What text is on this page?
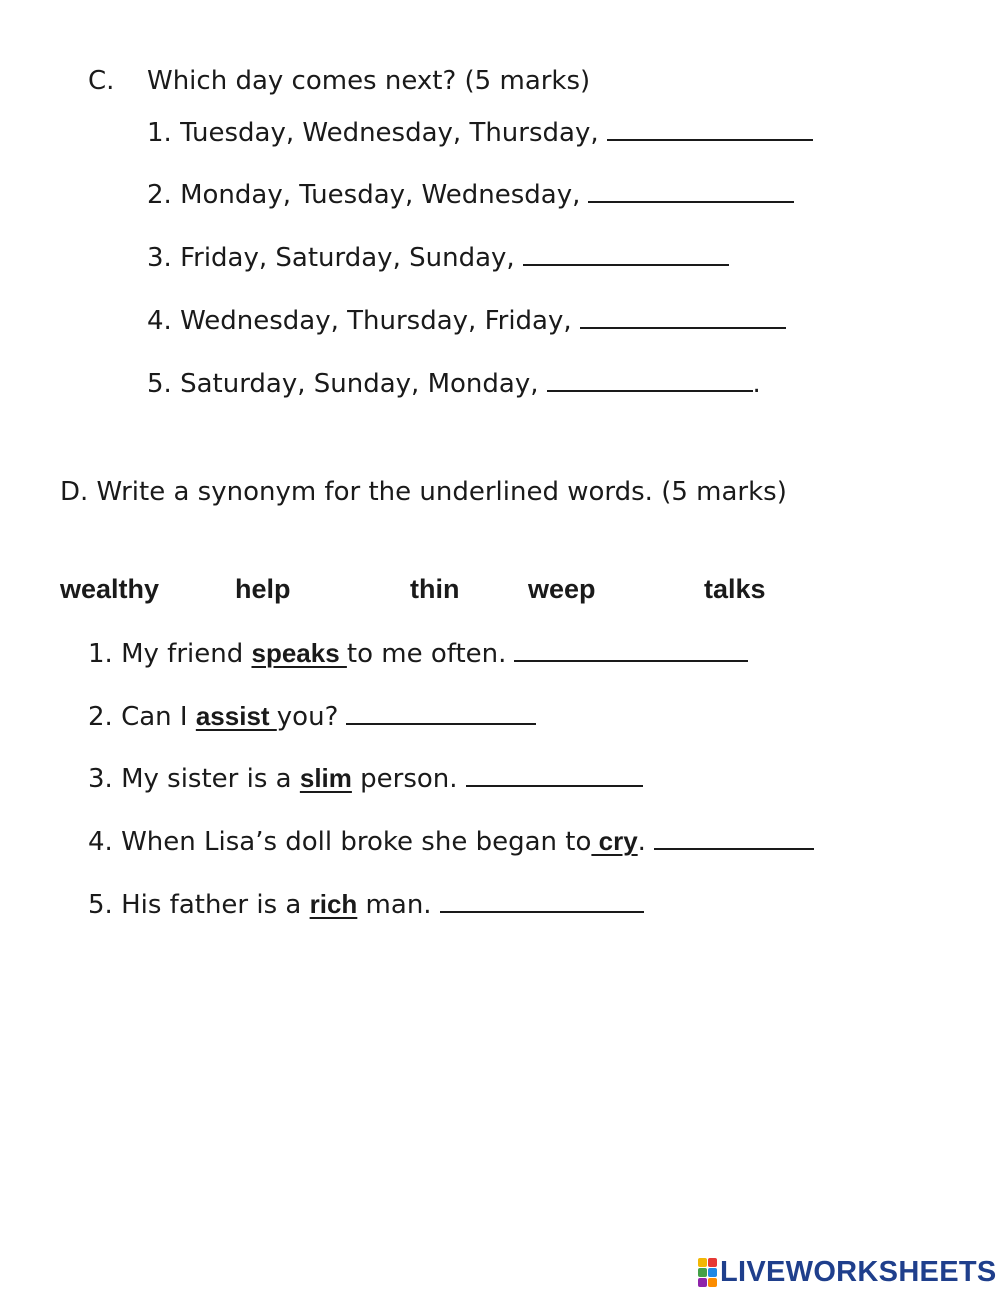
C. Which day comes next? (5 marks)
1. Tuesday, Wednesday, Thursday,
2. Monday, Tuesday, Wednesday,
3. Friday, Saturday, Sunday,
4. Wednesday, Thursday, Friday,
5. Saturday, Sunday, Monday,	.
D. Write a synonym for the underlined words. (5 marks)
wealthy	help	thin	weep	talks
1. My friend speaks to me often.
2. Can I assist you?
3. My sister is a slim person.
4. When Lisa’s doll broke she began to cry.
5. His father is a rich man.
LIVEWORKSHEETS
